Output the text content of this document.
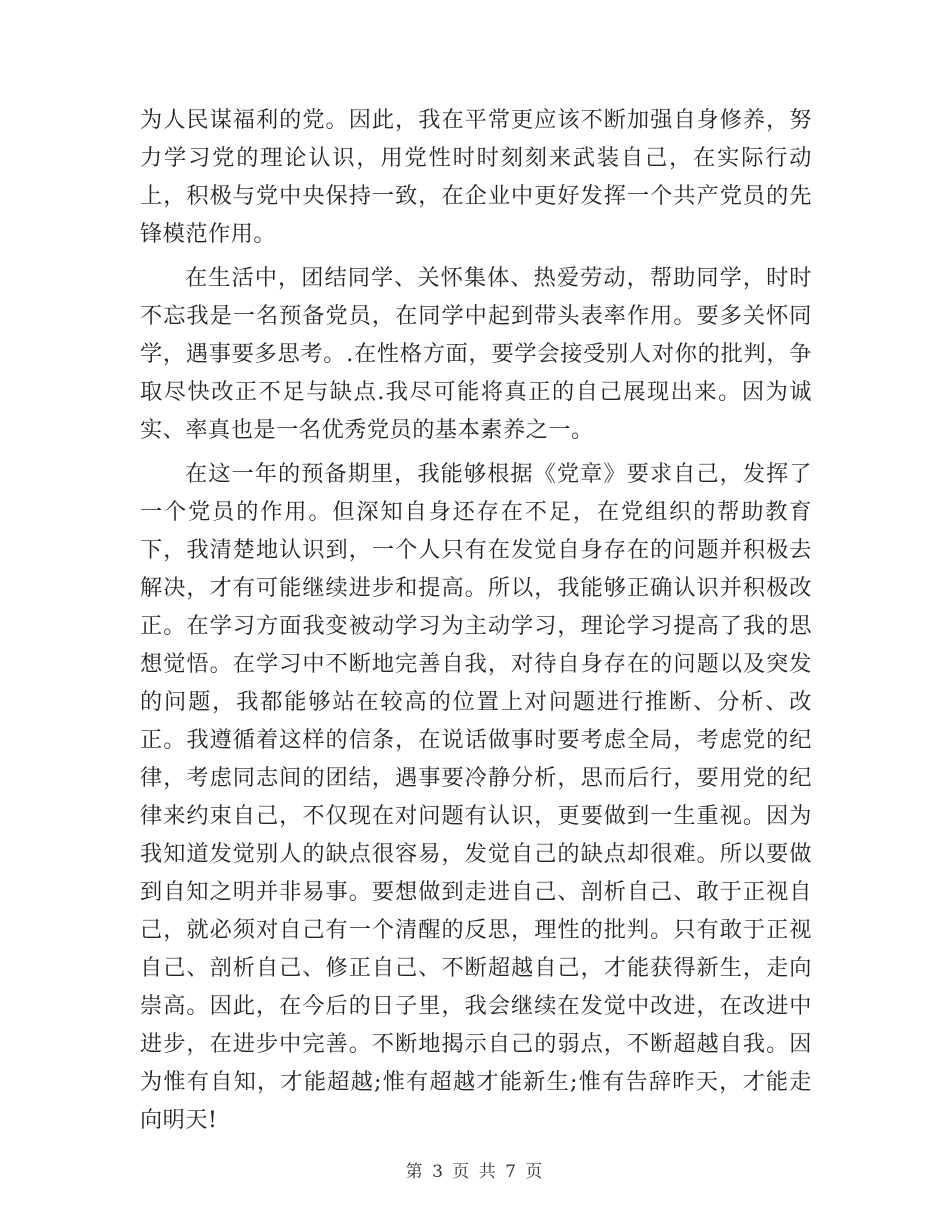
为人民谋福利的党。因此，我在平常更应该不断加强自身修养，努力学习党的理论认识，用党性时时刻刻来武装自己，在实际行动上，积极与党中央保持一致，在企业中更好发挥一个共产党员的先锋模范作用。

在生活中，团结同学、关怀集体、热爱劳动，帮助同学，时时不忘我是一名预备党员，在同学中起到带头表率作用。要多关怀同学，遇事要多思考。.在性格方面，要学会接受别人对你的批判，争取尽快改正不足与缺点.我尽可能将真正的自己展现出来。因为诚实、率真也是一名优秀党员的基本素养之一。

在这一年的预备期里，我能够根据《党章》要求自己，发挥了一个党员的作用。但深知自身还存在不足，在党组织的帮助教育下，我清楚地认识到，一个人只有在发觉自身存在的问题并积极去解决，才有可能继续进步和提高。所以，我能够正确认识并积极改正。在学习方面我变被动学习为主动学习，理论学习提高了我的思想觉悟。在学习中不断地完善自我，对待自身存在的问题以及突发的问题，我都能够站在较高的位置上对问题进行推断、分析、改正。我遵循着这样的信条，在说话做事时要考虑全局，考虑党的纪律，考虑同志间的团结，遇事要冷静分析，思而后行，要用党的纪律来约束自己，不仅现在对问题有认识，更要做到一生重视。因为我知道发觉别人的缺点很容易，发觉自己的缺点却很难。所以要做到自知之明并非易事。要想做到走进自己、剖析自己、敢于正视自己，就必须对自己有一个清醒的反思，理性的批判。只有敢于正视自己、剖析自己、修正自己、不断超越自己，才能获得新生，走向崇高。因此，在今后的日子里，我会继续在发觉中改进，在改进中进步，在进步中完善。不断地揭示自己的弱点，不断超越自我。因为惟有自知，才能超越;惟有超越才能新生;惟有告辞昨天，才能走向明天!

第 3 页 共 7 页
